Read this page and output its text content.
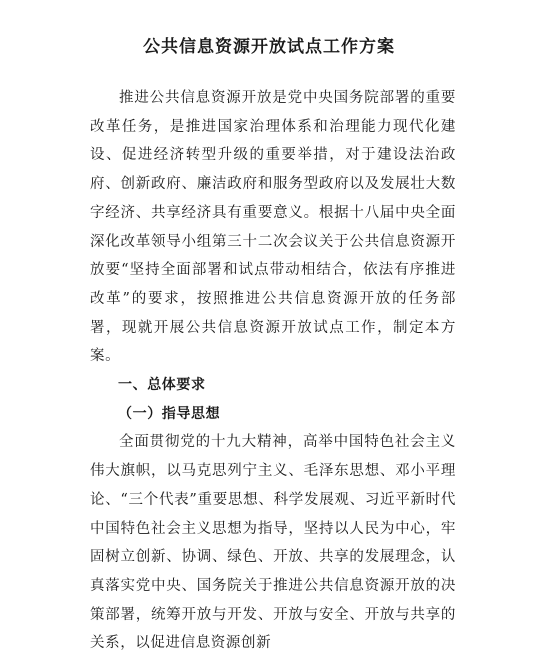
公共信息资源开放试点工作方案

推进公共信息资源开放是党中央国务院部署的重要改革任务，是推进国家治理体系和治理能力现代化建设、促进经济转型升级的重要举措，对于建设法治政府、创新政府、廉洁政府和服务型政府以及发展壮大数字经济、共享经济具有重要意义。根据十八届中央全面深化改革领导小组第三十二次会议关于公共信息资源开放要“坚持全面部署和试点带动相结合，依法有序推进改革”的要求，按照推进公共信息资源开放的任务部署，现就开展公共信息资源开放试点工作，制定本方案。

一、总体要求

（一）指导思想

全面贯彻党的十九大精神，高举中国特色社会主义伟大旗帜，以马克思列宁主义、毛泽东思想、邓小平理论、“三个代表”重要思想、科学发展观、习近平新时代中国特色社会主义思想为指导，坚持以人民为中心，牢固树立创新、协调、绿色、开放、共享的发展理念，认真落实党中央、国务院关于推进公共信息资源开放的决策部署，统筹开放与开发、开放与安全、开放与共享的关系，以促进信息资源创新
